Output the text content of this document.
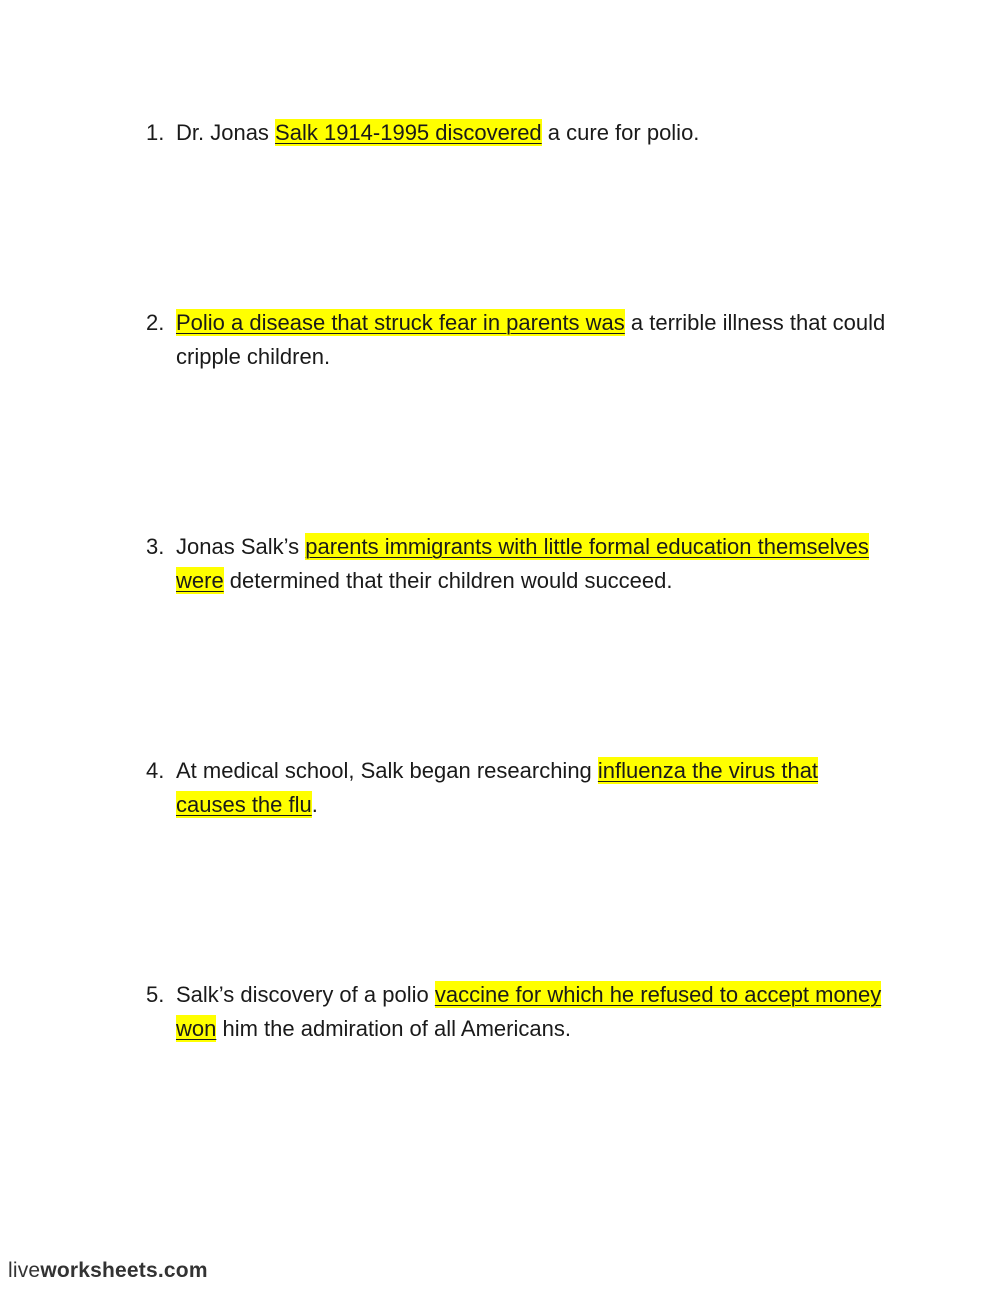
1. Dr. Jonas Salk 1914-1995 discovered a cure for polio.
2. Polio a disease that struck fear in parents was a terrible illness that could cripple children.
3. Jonas Salk’s parents immigrants with little formal education themselves were determined that their children would succeed.
4. At medical school, Salk began researching influenza the virus that causes the flu.
5. Salk’s discovery of a polio vaccine for which he refused to accept money won him the admiration of all Americans.
liveworksheets.com
